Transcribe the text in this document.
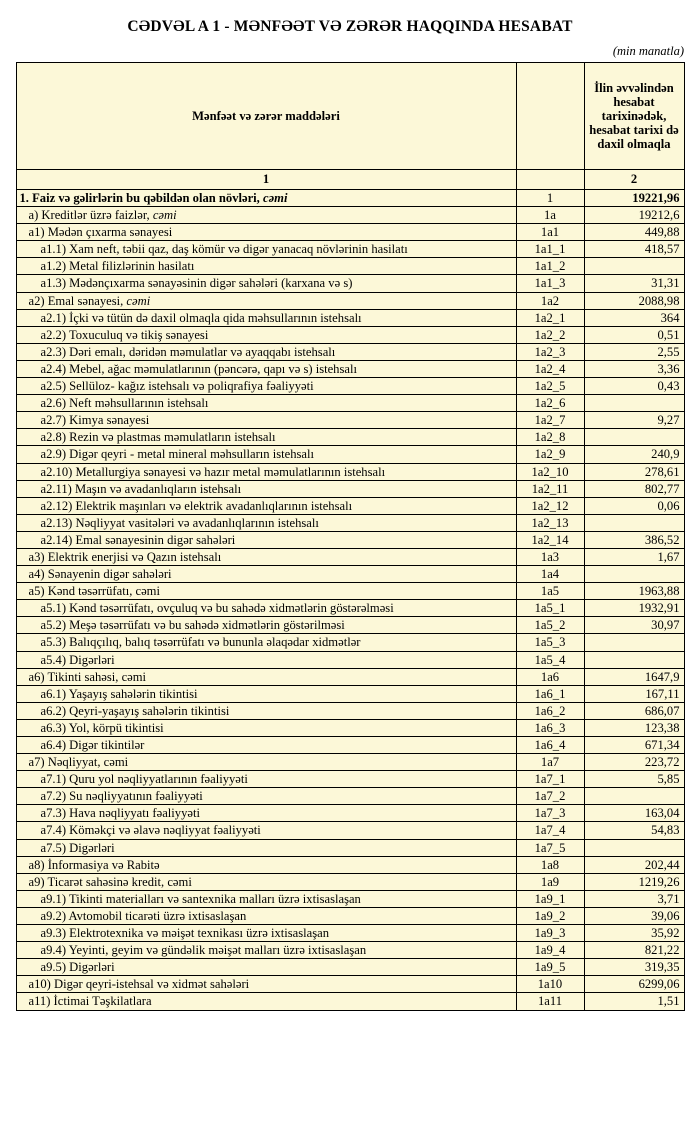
CƏDVƏL A 1 - MƏNFƏƏT VƏ ZƏRƏR HAQQINDA HESABAT
(min manatla)
Mənfəət və zərər maddələri		İlin əvvəlindən hesabat tarixinədək, hesabat tarixi də daxil olmaqla
1		2
1. Faiz və gəlirlərin bu qəbildən olan növləri, cəmi	1	19221,96
a) Kreditlər üzrə faizlər, cəmi	1a	19212,6
a1) Mədən çıxarma sənayesi	1a1	449,88
a1.1) Xam neft, təbii qaz, daş kömür və digər yanacaq növlərinin hasilatı	1a1_1	418,57
a1.2) Metal filizlərinin hasilatı	1a1_2	
a1.3) Mədənçıxarma sənayəsinin digər sahələri (karxana və s)	1a1_3	31,31
a2) Emal sənayesi, cəmi	1a2	2088,98
a2.1) İçki və tütün də daxil olmaqla qida məhsullarının istehsalı	1a2_1	364
a2.2) Toxuculuq və tikiş sənayesi	1a2_2	0,51
a2.3) Dəri emalı, dəridən məmulatlar və ayaqqabı istehsalı	1a2_3	2,55
a2.4) Mebel, ağac məmulatlarının (pəncərə, qapı və s) istehsalı	1a2_4	3,36
a2.5) Sellüloz- kağız istehsalı və poliqrafiya fəaliyyəti	1a2_5	0,43
a2.6) Neft məhsullarının istehsalı	1a2_6	
a2.7) Kimya sənayesi	1a2_7	9,27
a2.8) Rezin və plastmas məmulatların istehsalı	1a2_8	
a2.9) Digər qeyri - metal mineral məhsulların istehsalı	1a2_9	240,9
a2.10) Metallurgiya sənayesi və hazır metal məmulatlarının istehsalı	1a2_10	278,61
a2.11) Maşın və avadanlıqların istehsalı	1a2_11	802,77
a2.12) Elektrik maşınları və elektrik avadanlıqlarının istehsalı	1a2_12	0,06
a2.13) Nəqliyyat vasitələri və avadanlıqlarının istehsalı	1a2_13	
a2.14) Emal sənayesinin digər sahələri	1a2_14	386,52
a3) Elektrik enerjisi və Qazın istehsalı	1a3	1,67
a4) Sənayenin digər sahələri	1a4	
a5) Kənd təsərrüfatı, cəmi	1a5	1963,88
a5.1) Kənd təsərrüfatı, ovçuluq və bu sahədə xidmətlərin göstərəlməsi	1a5_1	1932,91
a5.2) Meşə təsərrüfatı və bu sahədə xidmətlərin göstərilməsi	1a5_2	30,97
a5.3) Balıqçılıq, balıq təsərrüfatı və bununla əlaqədar xidmətlər	1a5_3	
a5.4) Digərləri	1a5_4	
a6) Tikinti sahəsi, cəmi	1a6	1647,9
a6.1) Yaşayış sahələrin tikintisi	1a6_1	167,11
a6.2) Qeyri-yaşayış sahələrin tikintisi	1a6_2	686,07
a6.3) Yol, körpü tikintisi	1a6_3	123,38
a6.4) Digər tikintilər	1a6_4	671,34
a7) Nəqliyyat, cəmi	1a7	223,72
a7.1) Quru yol nəqliyyatlarının fəaliyyəti	1a7_1	5,85
a7.2) Su nəqliyyatının fəaliyyəti	1a7_2	
a7.3) Hava nəqliyyatı fəaliyyəti	1a7_3	163,04
a7.4) Köməkçi və əlavə nəqliyyat fəaliyyəti	1a7_4	54,83
a7.5) Digərləri	1a7_5	
a8) İnformasiya və Rabitə	1a8	202,44
a9) Ticarət sahəsinə kredit, cəmi	1a9	1219,26
a9.1) Tikinti materialları və santexnika malları üzrə ixtisaslaşan	1a9_1	3,71
a9.2) Avtomobil ticarəti üzrə ixtisaslaşan	1a9_2	39,06
a9.3) Elektrotexnika və məişət texnikası üzrə ixtisaslaşan	1a9_3	35,92
a9.4) Yeyinti, geyim və gündəlik məişət malları üzrə ixtisaslaşan	1a9_4	821,22
a9.5) Digərləri	1a9_5	319,35
a10) Digər qeyri-istehsal və xidmət sahələri	1a10	6299,06
a11) İctimai Təşkilatlara	1a11	1,51
